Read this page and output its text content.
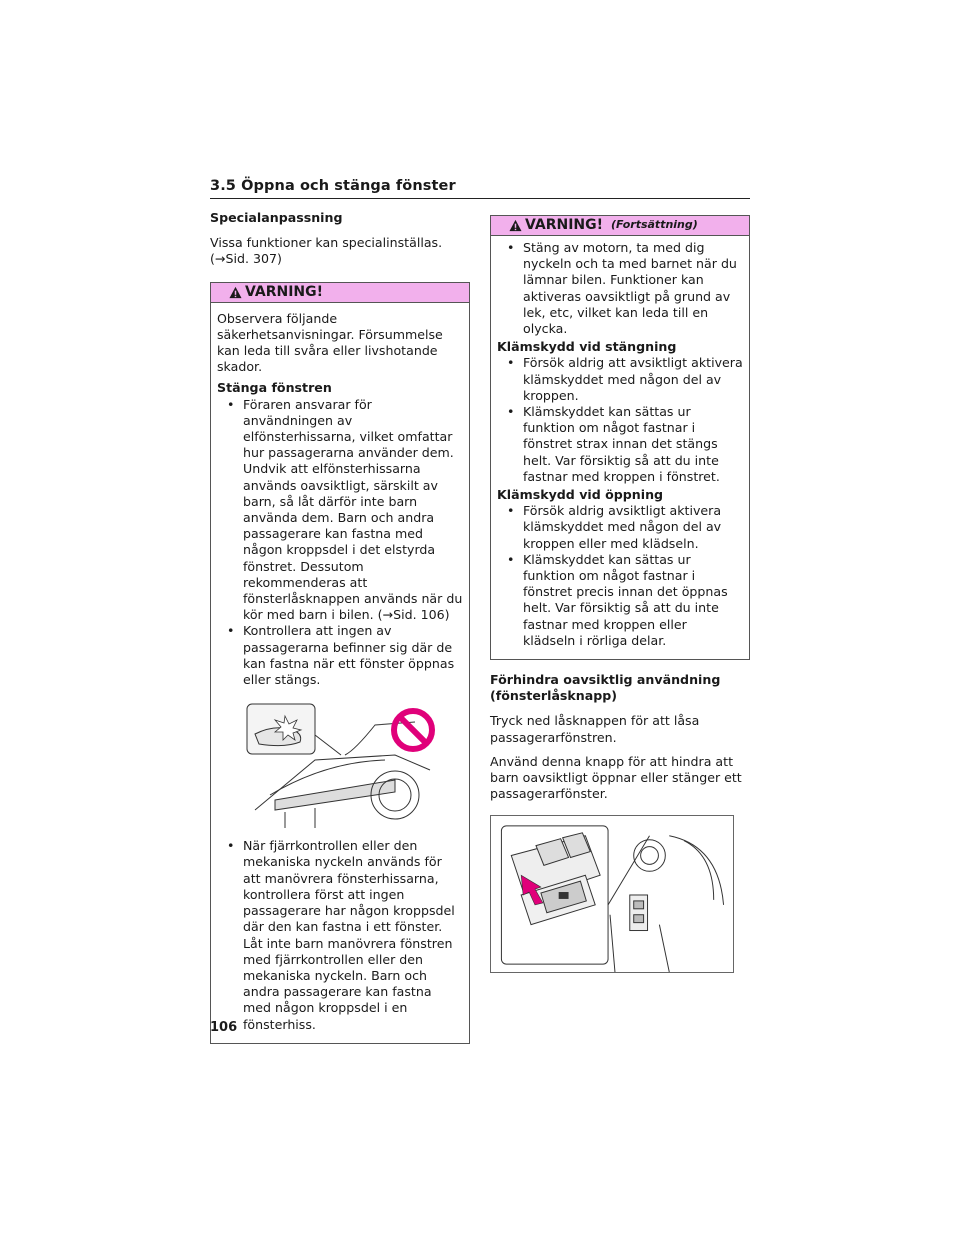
3.5 Öppna och stänga fönster
Specialanpassning

Vissa funktioner kan specialinställas. (→Sid. 307)

VARNING!

Observera följande säkerhetsanvisningar. Försummelse kan leda till svåra eller livshotande skador.

Stänga fönstren
• Föraren ansvarar för användningen av elfönsterhissarna, vilket omfattar hur passagerarna använder dem. Undvik att elfönsterhissarna används oavsiktligt, särskilt av barn, så låt därför inte barn använda dem. Barn och andra passagerare kan fastna med någon kroppsdel i det elstyrda fönstret. Dessutom rekommenderas att fönsterlåsknappen används när du kör med barn i bilen. (→Sid. 106)
• Kontrollera att ingen av passagerarna befinner sig där de kan fastna när ett fönster öppnas eller stängs.
• När fjärrkontrollen eller den mekaniska nyckeln används för att manövrera fönsterhissarna, kontrollera först att ingen passagerare har någon kroppsdel där den kan fastna i ett fönster. Låt inte barn manövrera fönstren med fjärrkontrollen eller den mekaniska nyckeln. Barn och andra passagerare kan fastna med någon kroppsdel i en fönsterhiss.
VARNING! (Fortsättning)
• Stäng av motorn, ta med dig nyckeln och ta med barnet när du lämnar bilen. Funktioner kan aktiveras oavsiktligt på grund av lek, etc, vilket kan leda till en olycka.
Klämskydd vid stängning
• Försök aldrig att avsiktligt aktivera klämskyddet med någon del av kroppen.
• Klämskyddet kan sättas ur funktion om något fastnar i fönstret strax innan det stängs helt. Var försiktig så att du inte fastnar med kroppen i fönstret.
Klämskydd vid öppning
• Försök aldrig avsiktligt aktivera klämskyddet med någon del av kroppen eller med klädseln.
• Klämskyddet kan sättas ur funktion om något fastnar i fönstret precis innan det öppnas helt. Var försiktig så att du inte fastnar med kroppen eller klädseln i rörliga delar.
Förhindra oavsiktlig användning (fönsterlåsknapp)

Tryck ned låsknappen för att låsa passagerarfönstren.

Använd denna knapp för att hindra att barn oavsiktligt öppnar eller stänger ett passagerarfönster.

106
